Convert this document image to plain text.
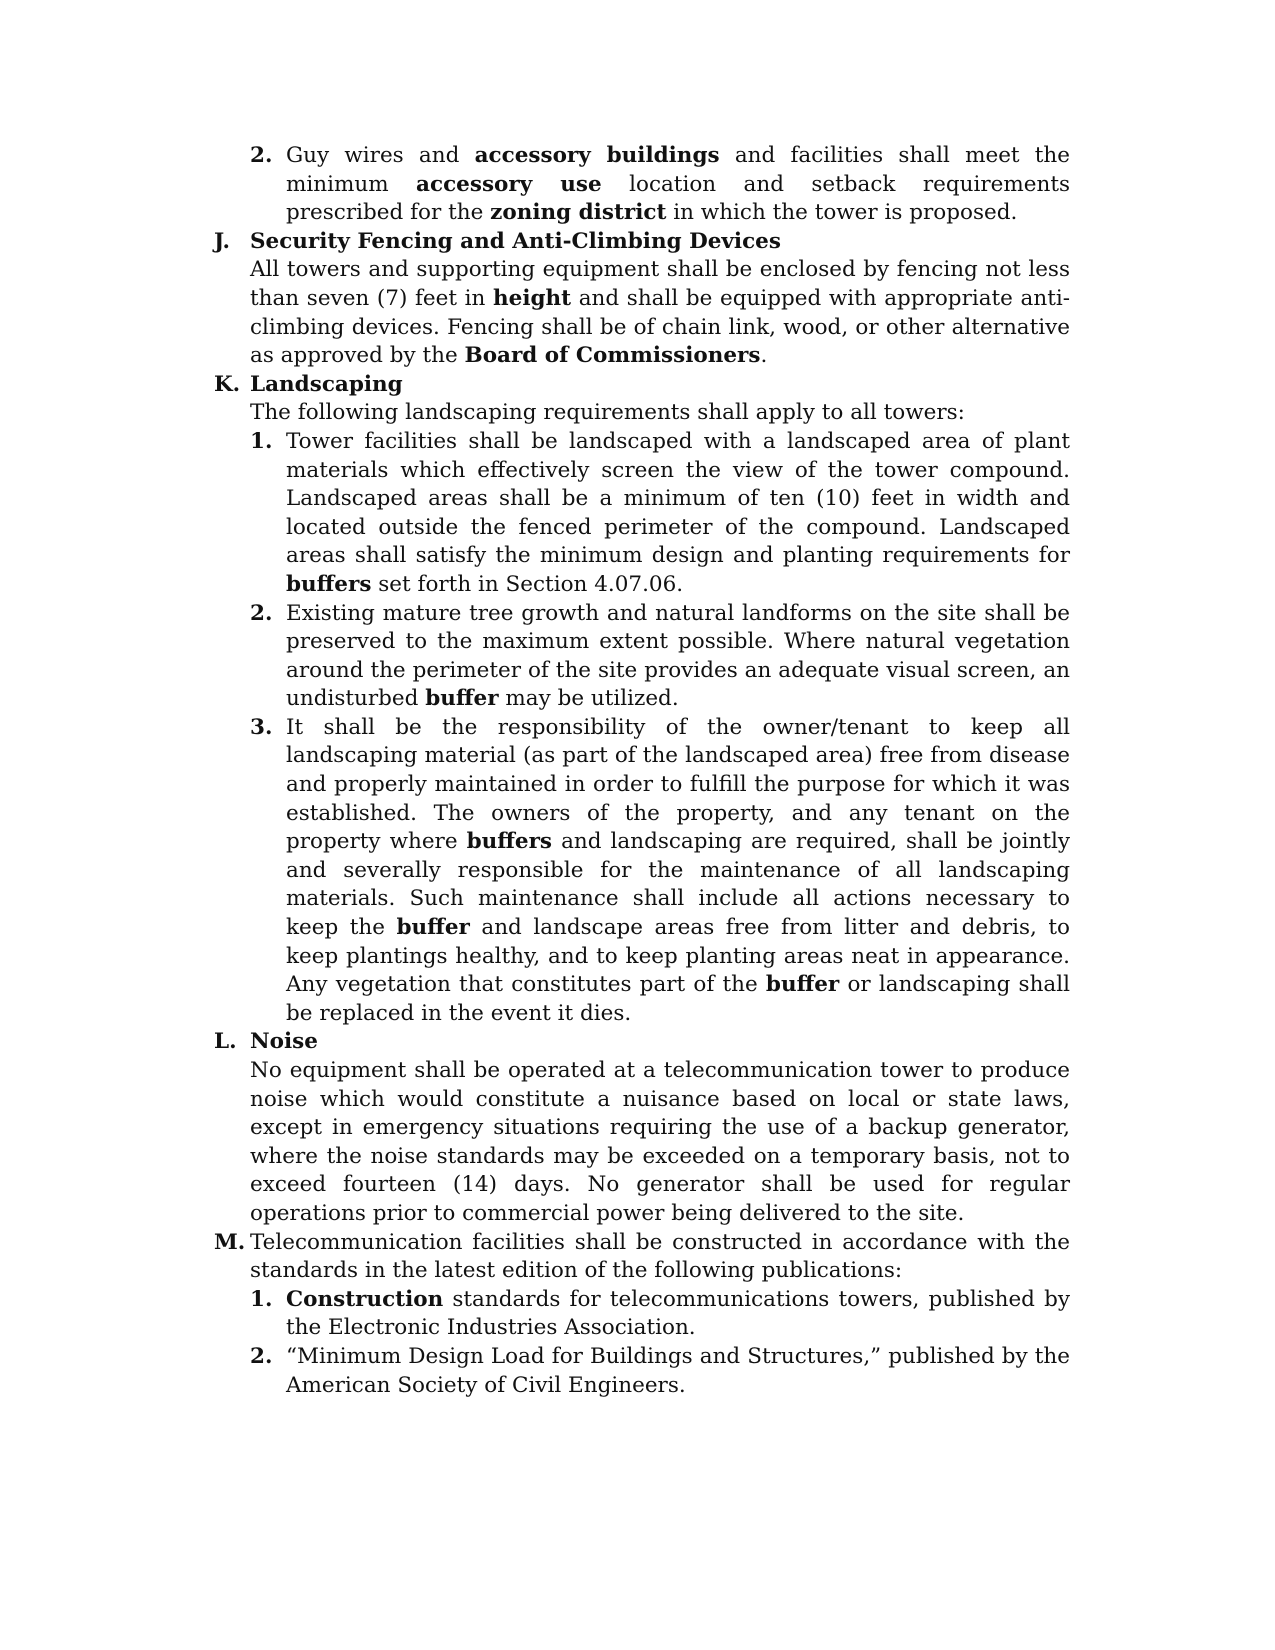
2. Guy wires and accessory buildings and facilities shall meet the minimum accessory use location and setback requirements prescribed for the zoning district in which the tower is proposed.
J. Security Fencing and Anti-Climbing Devices
All towers and supporting equipment shall be enclosed by fencing not less than seven (7) feet in height and shall be equipped with appropriate anti-climbing devices. Fencing shall be of chain link, wood, or other alternative as approved by the Board of Commissioners.
K. Landscaping
The following landscaping requirements shall apply to all towers:
1. Tower facilities shall be landscaped with a landscaped area of plant materials which effectively screen the view of the tower compound. Landscaped areas shall be a minimum of ten (10) feet in width and located outside the fenced perimeter of the compound. Landscaped areas shall satisfy the minimum design and planting requirements for buffers set forth in Section 4.07.06.
2. Existing mature tree growth and natural landforms on the site shall be preserved to the maximum extent possible. Where natural vegetation around the perimeter of the site provides an adequate visual screen, an undisturbed buffer may be utilized.
3. It shall be the responsibility of the owner/tenant to keep all landscaping material (as part of the landscaped area) free from disease and properly maintained in order to fulfill the purpose for which it was established. The owners of the property, and any tenant on the property where buffers and landscaping are required, shall be jointly and severally responsible for the maintenance of all landscaping materials. Such maintenance shall include all actions necessary to keep the buffer and landscape areas free from litter and debris, to keep plantings healthy, and to keep planting areas neat in appearance. Any vegetation that constitutes part of the buffer or landscaping shall be replaced in the event it dies.
L. Noise
No equipment shall be operated at a telecommunication tower to produce noise which would constitute a nuisance based on local or state laws, except in emergency situations requiring the use of a backup generator, where the noise standards may be exceeded on a temporary basis, not to exceed fourteen (14) days. No generator shall be used for regular operations prior to commercial power being delivered to the site.
M. Telecommunication facilities shall be constructed in accordance with the standards in the latest edition of the following publications:
1. Construction standards for telecommunications towers, published by the Electronic Industries Association.
2. “Minimum Design Load for Buildings and Structures,” published by the American Society of Civil Engineers.
